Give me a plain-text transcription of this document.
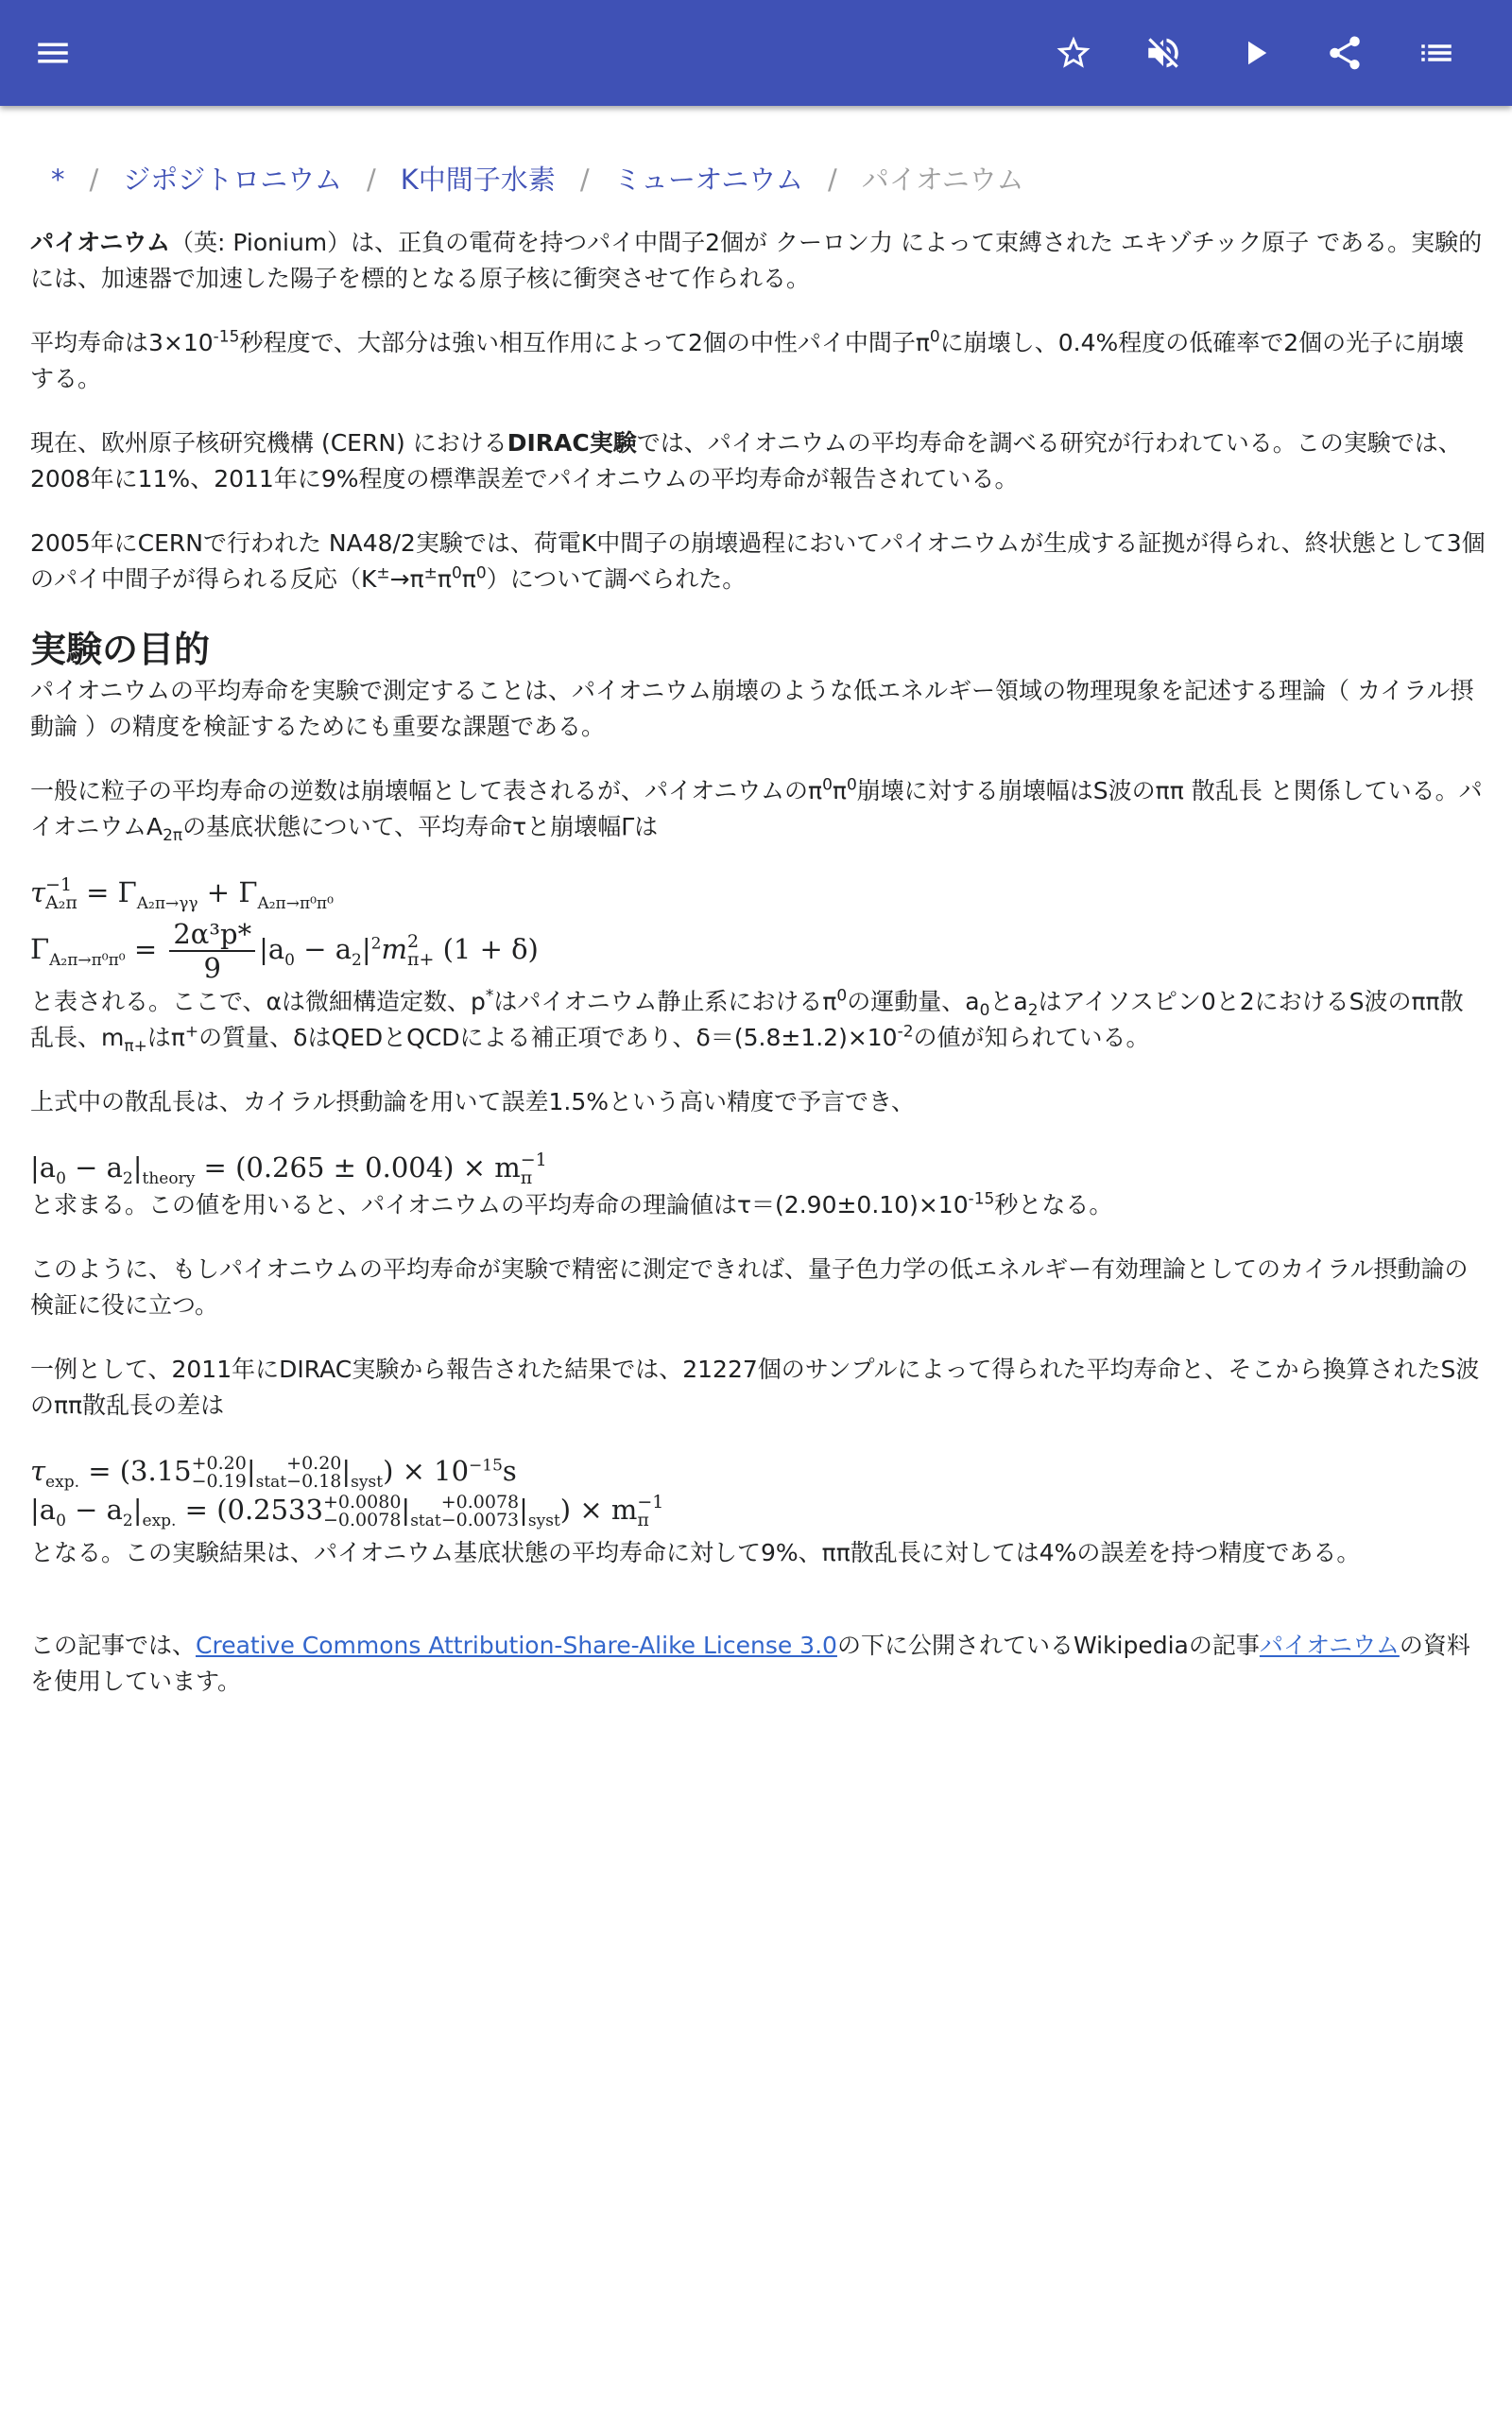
* / ジポジトロニウム / K中間子水素 / ミューオニウム / パイオニウム

パイオニウム（英: Pionium）は、正負の電荷を持つパイ中間子2個が クーロン力 によって束縛された エキゾチック原子 である。実験的には、加速器で加速した陽子を標的となる原子核に衝突させて作られる。

平均寿命は$3\times 10^{-15}$秒程度で、大部分は強い相互作用によって2個の中性パイ中間子$\pi^0$に崩壊し、0.4%程度の低確率で2個の光子に崩壊する。

現在、欧州原子核研究機構 (CERN) におけるDIRAC実験では、パイオニウムの平均寿命を調べる研究が行われている。この実験では、2008年に11%、2011年に9%程度の標準誤差でパイオニウムの平均寿命が報告されている。

2005年にCERNで行われた NA48/2実験では、荷電K中間子の崩壊過程においてパイオニウムが生成する証拠が得られ、終状態として3個のパイ中間子が得られる反応$(K^\pm\to\pi^\pm\pi^0\pi^0)$について調べられた。

実験の目的

パイオニウムの平均寿命を実験で測定することは、パイオニウム崩壊のような低エネルギー領域の物理現象を記述する理論（ カイラル摂動論 ）の精度を検証するためにも重要な課題である。

一般に粒子の平均寿命の逆数は崩壊幅として表されるが、パイオニウムの$\pi^0\pi^0$崩壊に対する崩壊幅はS波のππ 散乱長 と関係している。パイオニウム$A_{2\pi}$の基底状態について、平均寿命τと崩壊幅Γは

τ −1
$A_2\pi = \Gamma_{A_2\pi\to\gamma\gamma} + \Gamma_{A_2\pi\to\pi^0\pi^0}$
$\Gamma_{A_2\pi\to\pi^0\pi^0} = \frac{\text{2α³p*}}{9} |a_0 - a_2|^2m$ 2
π+ (1 + δ)

と表される。ここで、αは微細構造定数、p*はパイオニウム静止系における$\pi^0$の運動量、$a_0$と$a_2$はアイソスピン0と2におけるS波のππ散乱長、$m_{\pi+}$はπ+の質量、δはQEDとQCDによる補正項であり、$\delta=(5.8\pm 1.2)\times 10^{-2}$の値が知られている。

上式中の散乱長は、カイラル摂動論を用いて誤差1.5%という高い精度で予言でき、

$|a_0 - a_2|_{theory} = (0.265 \pm 0.004) \times m -1$
π

と求まる。この値を用いると、パイオニウムの平均寿命の理論値は$\tau=(2.90\pm 0.10)\times 10^{-15}$秒となる。

このように、もしパイオニウムの平均寿命が実験で精密に測定できれば、量子色力学の低エネルギー有効理論としてのカイラル摂動論の検証に役に立つ。

一例として、2011年にDIRAC実験から報告された結果では、21227個のサンプルによって得られた平均寿命と、そこから換算されたS波のππ散乱長の差は

$\tau_{exp.} = (3.15 +0.20$
−0.19 $|_{stat}$
+0.20
−0.18 $|_{syst}) \times 10^{-15}s$
$|a_0 - a_2|_{exp.} = (0.2533 +0.0080$
−0.0078 $|_{stat}$
+0.0078
−0.0073 $|_{syst}) \times m -1$
π

となる。この実験結果は、パイオニウム基底状態の平均寿命に対して9%、ππ散乱長に対しては4%の誤差を持つ精度である。

この記事では、Creative Commons Attribution-Share-Alike License 3.0の下に公開されているWikipediaの記事パイオニウムの資料を使用しています。
